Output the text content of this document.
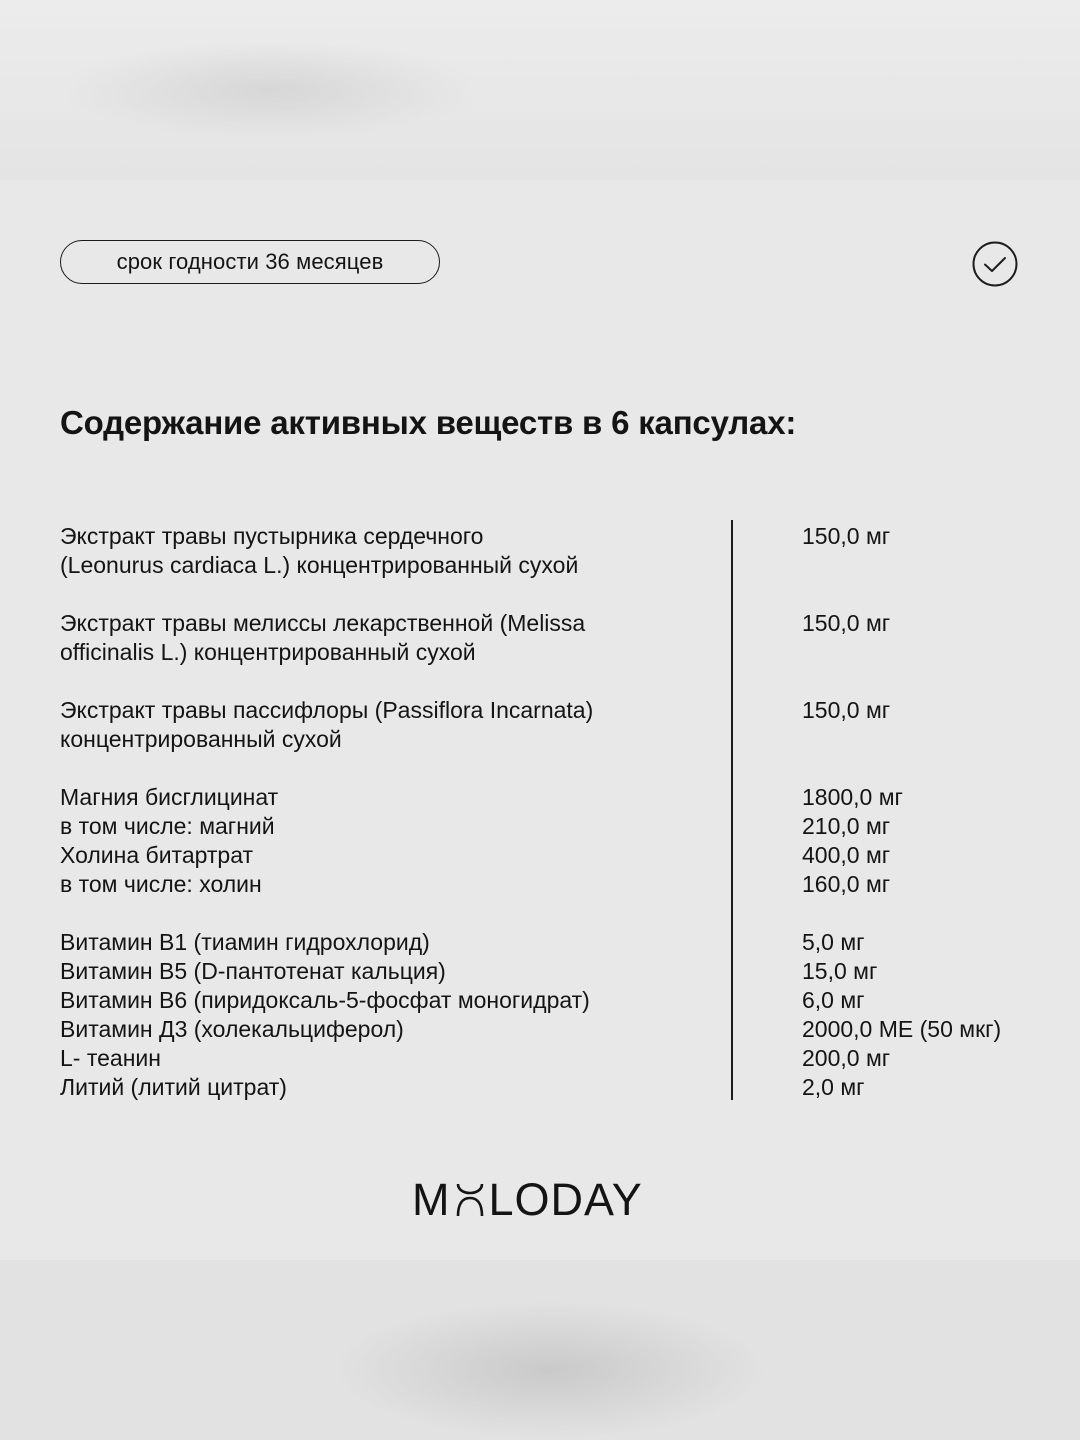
срок годности 36 месяцев
Содержание активных веществ в 6 капсулах:
Экстракт травы пустырника сердечного	150,0 мг
(Leonurus cardiaca L.) концентрированный сухой
Экстракт травы мелиссы лекарственной (Melissa	150,0 мг
officinalis L.) концентрированный сухой
Экстракт травы пассифлоры (Passiflora Incarnata)	150,0 мг
концентрированный сухой
Магния бисглицинат	1800,0 мг
в том числе: магний	210,0 мг
Холина битартрат	400,0 мг
в том числе: холин	160,0 мг
Витамин В1 (тиамин гидрохлорид)	5,0 мг
Витамин В5 (D-пантотенат кальция)	15,0 мг
Витамин В6 (пиридоксаль-5-фосфат моногидрат)	6,0 мг
Витамин Д3 (холекальциферол)	2000,0 МЕ (50 мкг)
L- теанин	200,0 мг
Литий (литий цитрат)	2,0 мг
M LODAY
